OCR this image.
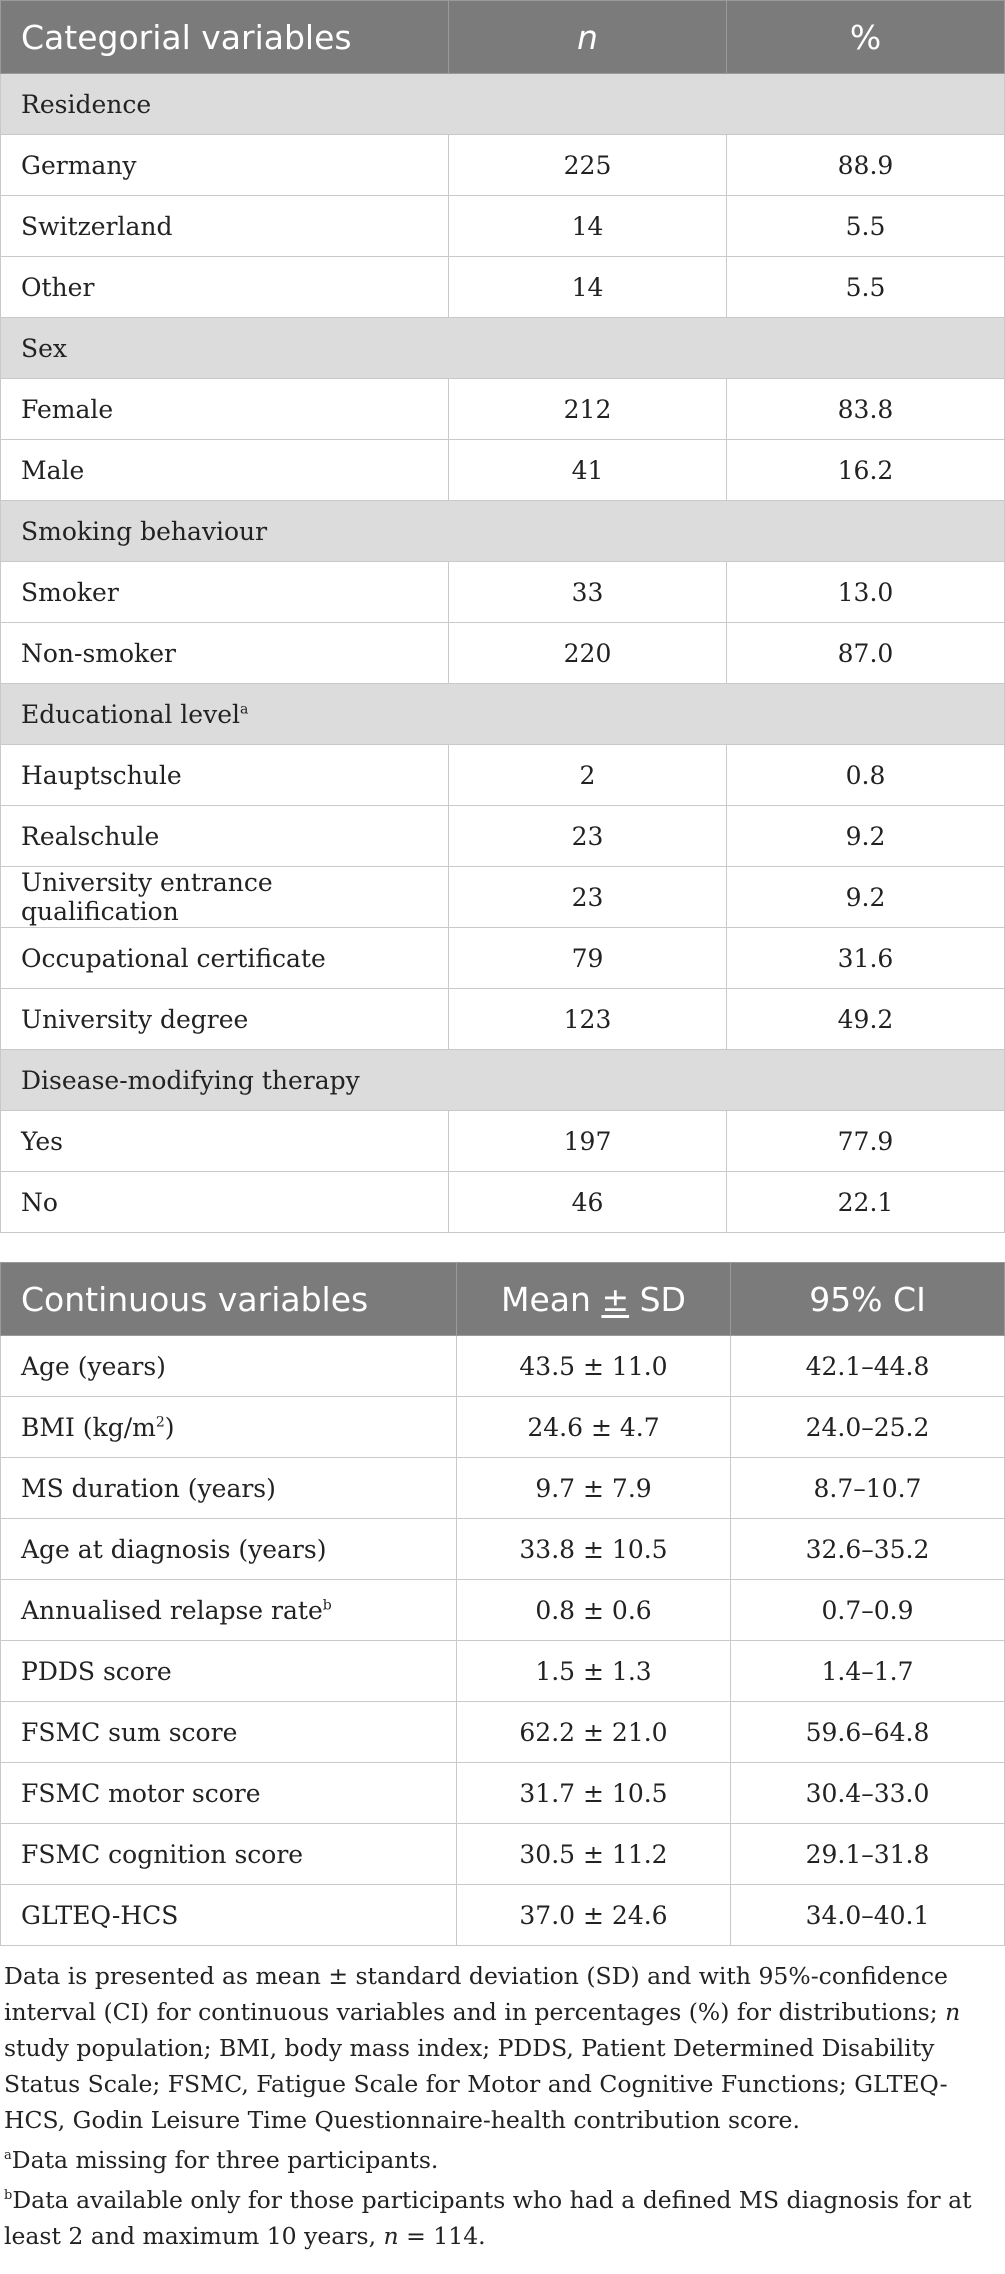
Categorial variables	n	%
Residence		
Germany	225	88.9
Switzerland	14	5.5
Other	14	5.5
Sex		
Female	212	83.8
Male	41	16.2
Smoking behaviour		
Smoker	33	13.0
Non-smoker	220	87.0
Educational level$^a$
Hauptschule	2	0.8
Realschule	23	9.2
University entrance qualification	23	9.2
Occupational certificate	79	31.6
University degree	123	49.2
Disease-modifying therapy		
Yes	197	77.9
No	46	22.1
Continuous variables	Mean ± SD	95% CI
Age (years)	43.5 ± 11.0	42.1–44.8
BMI $(kg/m^2)$	24.6 ± 4.7	24.0–25.2
MS duration (years)	9.7 ± 7.9	8.7–10.7
Age at diagnosis (years)	33.8 ± 10.5	32.6–35.2
Annualised relapse rate$^b$	0.8 ± 0.6	0.7–0.9
PDDS score	1.5 ± 1.3	1.4–1.7
FSMC sum score	62.2 ± 21.0	59.6–64.8
FSMC motor score	31.7 ± 10.5	30.4–33.0
FSMC cognition score	30.5 ± 11.2	29.1–31.8
GLTEQ-HCS	37.0 ± 24.6	34.0–40.1

Data is presented as mean ± standard deviation (SD) and with 95%-confidence interval (CI) for continuous variables and in percentages (%) for distributions; n study population; BMI, body mass index; PDDS, Patient Determined Disability Status Scale; FSMC, Fatigue Scale for Motor and Cognitive Functions; GLTEQ-HCS, Godin Leisure Time Questionnaire-health contribution score.

$^a$Data missing for three participants.

$^b$Data available only for those participants who had a defined MS diagnosis for at least 2 and maximum 10 years, n = 114.
